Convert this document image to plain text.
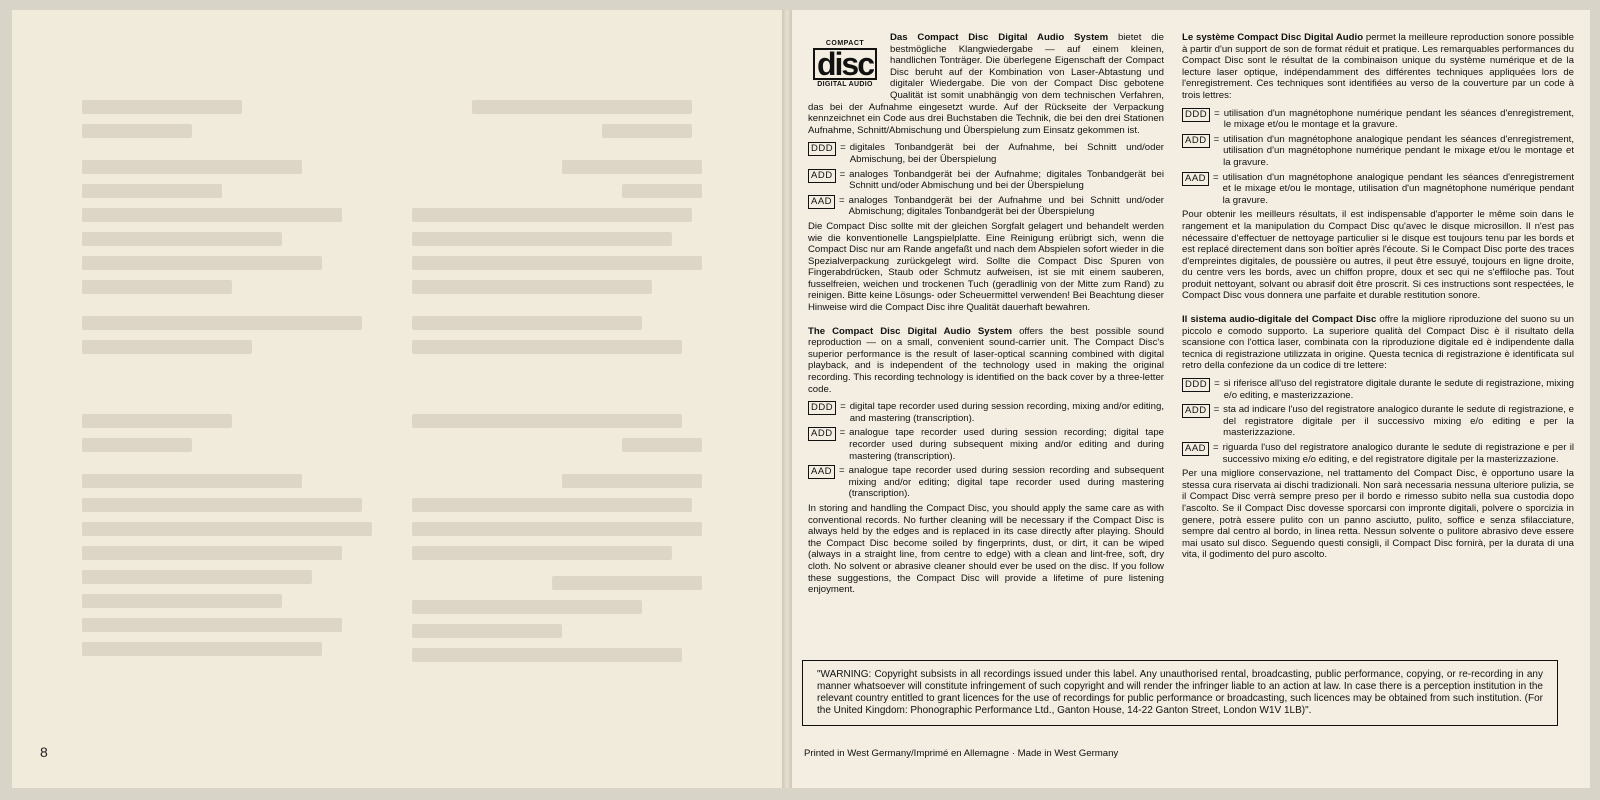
8
COMPACT
disc
DIGITAL AUDIO

Das Compact Disc Digital Audio System bietet die bestmögliche Klangwiedergabe — auf einem kleinen, handlichen Tonträger. Die überlegene Eigenschaft der Compact Disc beruht auf der Kombination von Laser-Abtastung und digitaler Wiedergabe. Die von der Compact Disc gebotene Qualität ist somit unabhängig von dem technischen Verfahren, das bei der Aufnahme eingesetzt wurde. Auf der Rückseite der Verpackung kennzeichnet ein Code aus drei Buchstaben die Technik, die bei den drei Stationen Aufnahme, Schnitt/Abmischung und Überspielung zum Einsatz gekommen ist.

DDD = digitales Tonbandgerät bei der Aufnahme, bei Schnitt und/oder Abmischung, bei der Überspielung
ADD = analoges Tonbandgerät bei der Aufnahme; digitales Tonbandgerät bei Schnitt und/oder Abmischung und bei der Überspielung
AAD = analoges Tonbandgerät bei der Aufnahme und bei Schnitt und/oder Abmischung; digitales Tonbandgerät bei der Überspielung

Die Compact Disc sollte mit der gleichen Sorgfalt gelagert und behandelt werden wie die konventionelle Langspielplatte. Eine Reinigung erübrigt sich, wenn die Compact Disc nur am Rande angefaßt und nach dem Abspielen sofort wieder in die Spezialverpackung zurückgelegt wird. Sollte die Compact Disc Spuren von Fingerabdrücken, Staub oder Schmutz aufweisen, ist sie mit einem sauberen, fusselfreien, weichen und trockenen Tuch (geradlinig von der Mitte zum Rand) zu reinigen. Bitte keine Lösungs- oder Scheuermittel verwenden! Bei Beachtung dieser Hinweise wird die Compact Disc ihre Qualität dauerhaft bewahren.

The Compact Disc Digital Audio System offers the best possible sound reproduction — on a small, convenient sound-carrier unit. The Compact Disc's superior performance is the result of laser-optical scanning combined with digital playback, and is independent of the technology used in making the original recording. This recording technology is identified on the back cover by a three-letter code.

DDD = digital tape recorder used during session recording, mixing and/or editing, and mastering (transcription).
ADD = analogue tape recorder used during session recording; digital tape recorder used during subsequent mixing and/or editing and during mastering (transcription).
AAD = analogue tape recorder used during session recording and subsequent mixing and/or editing; digital tape recorder used during mastering (transcription).

In storing and handling the Compact Disc, you should apply the same care as with conventional records. No further cleaning will be necessary if the Compact Disc is always held by the edges and is replaced in its case directly after playing. Should the Compact Disc become soiled by fingerprints, dust, or dirt, it can be wiped (always in a straight line, from centre to edge) with a clean and lint-free, soft, dry cloth. No solvent or abrasive cleaner should ever be used on the disc. If you follow these suggestions, the Compact Disc will provide a lifetime of pure listening enjoyment.

Le système Compact Disc Digital Audio permet la meilleure reproduction sonore possible à partir d'un support de son de format réduit et pratique. Les remarquables performances du Compact Disc sont le résultat de la combinaison unique du système numérique et de la lecture laser optique, indépendamment des différentes techniques appliquées lors de l'enregistrement. Ces techniques sont identifiées au verso de la couverture par un code à trois lettres:

DDD = utilisation d'un magnétophone numérique pendant les séances d'enregistrement, le mixage et/ou le montage et la gravure.
ADD = utilisation d'un magnétophone analogique pendant les séances d'enregistrement, utilisation d'un magnétophone numérique pendant le mixage et/ou le montage et la gravure.
AAD = utilisation d'un magnétophone analogique pendant les séances d'enregistrement et le mixage et/ou le montage, utilisation d'un magnétophone numérique pendant la gravure.

Pour obtenir les meilleurs résultats, il est indispensable d'apporter le même soin dans le rangement et la manipulation du Compact Disc qu'avec le disque microsillon. Il n'est pas nécessaire d'effectuer de nettoyage particulier si le disque est toujours tenu par les bords et est replacé directement dans son boîtier après l'écoute. Si le Compact Disc porte des traces d'empreintes digitales, de poussière ou autres, il peut être essuyé, toujours en ligne droite, du centre vers les bords, avec un chiffon propre, doux et sec qui ne s'effiloche pas. Tout produit nettoyant, solvant ou abrasif doit être proscrit. Si ces instructions sont respectées, le Compact Disc vous donnera une parfaite et durable restitution sonore.

Il sistema audio-digitale del Compact Disc offre la migliore riproduzione del suono su un piccolo e comodo supporto. La superiore qualità del Compact Disc è il risultato della scansione con l'ottica laser, combinata con la riproduzione digitale ed è indipendente dalla tecnica di registrazione utilizzata in origine. Questa tecnica di registrazione è identificata sul retro della confezione da un codice di tre lettere:

DDD = si riferisce all'uso del registratore digitale durante le sedute di registrazione, mixing e/o editing, e masterizzazione.
ADD = sta ad indicare l'uso del registratore analogico durante le sedute di registrazione, e del registratore digitale per il successivo mixing e/o editing e per la masterizzazione.
AAD = riguarda l'uso del registratore analogico durante le sedute di registrazione e per il successivo mixing e/o editing, e del registratore digitale per la masterizzazione.

Per una migliore conservazione, nel trattamento del Compact Disc, è opportuno usare la stessa cura riservata ai dischi tradizionali. Non sarà necessaria nessuna ulteriore pulizia, se il Compact Disc verrà sempre preso per il bordo e rimesso subito nella sua custodia dopo l'ascolto. Se il Compact Disc dovesse sporcarsi con impronte digitali, polvere o sporcizia in genere, potrà essere pulito con un panno asciutto, pulito, soffice e senza sfilacciature, sempre dal centro al bordo, in linea retta. Nessun solvente o pulitore abrasivo deve essere mai usato sul disco. Seguendo questi consigli, il Compact Disc fornirà, per la durata di una vita, il godimento del puro ascolto.

"WARNING: Copyright subsists in all recordings issued under this label. Any unauthorised rental, broadcasting, public performance, copying, or re-recording in any manner whatsoever will constitute infringement of such copyright and will render the infringer liable to an action at law. In case there is a perception institution in the relevant country entitled to grant licences for the use of recordings for public performance or broadcasting, such licences may be obtained from such institution. (For the United Kingdom: Phonographic Performance Ltd., Ganton House, 14-22 Ganton Street, London W1V 1LB)".
Printed in West Germany/Imprimé en Allemagne · Made in West Germany
